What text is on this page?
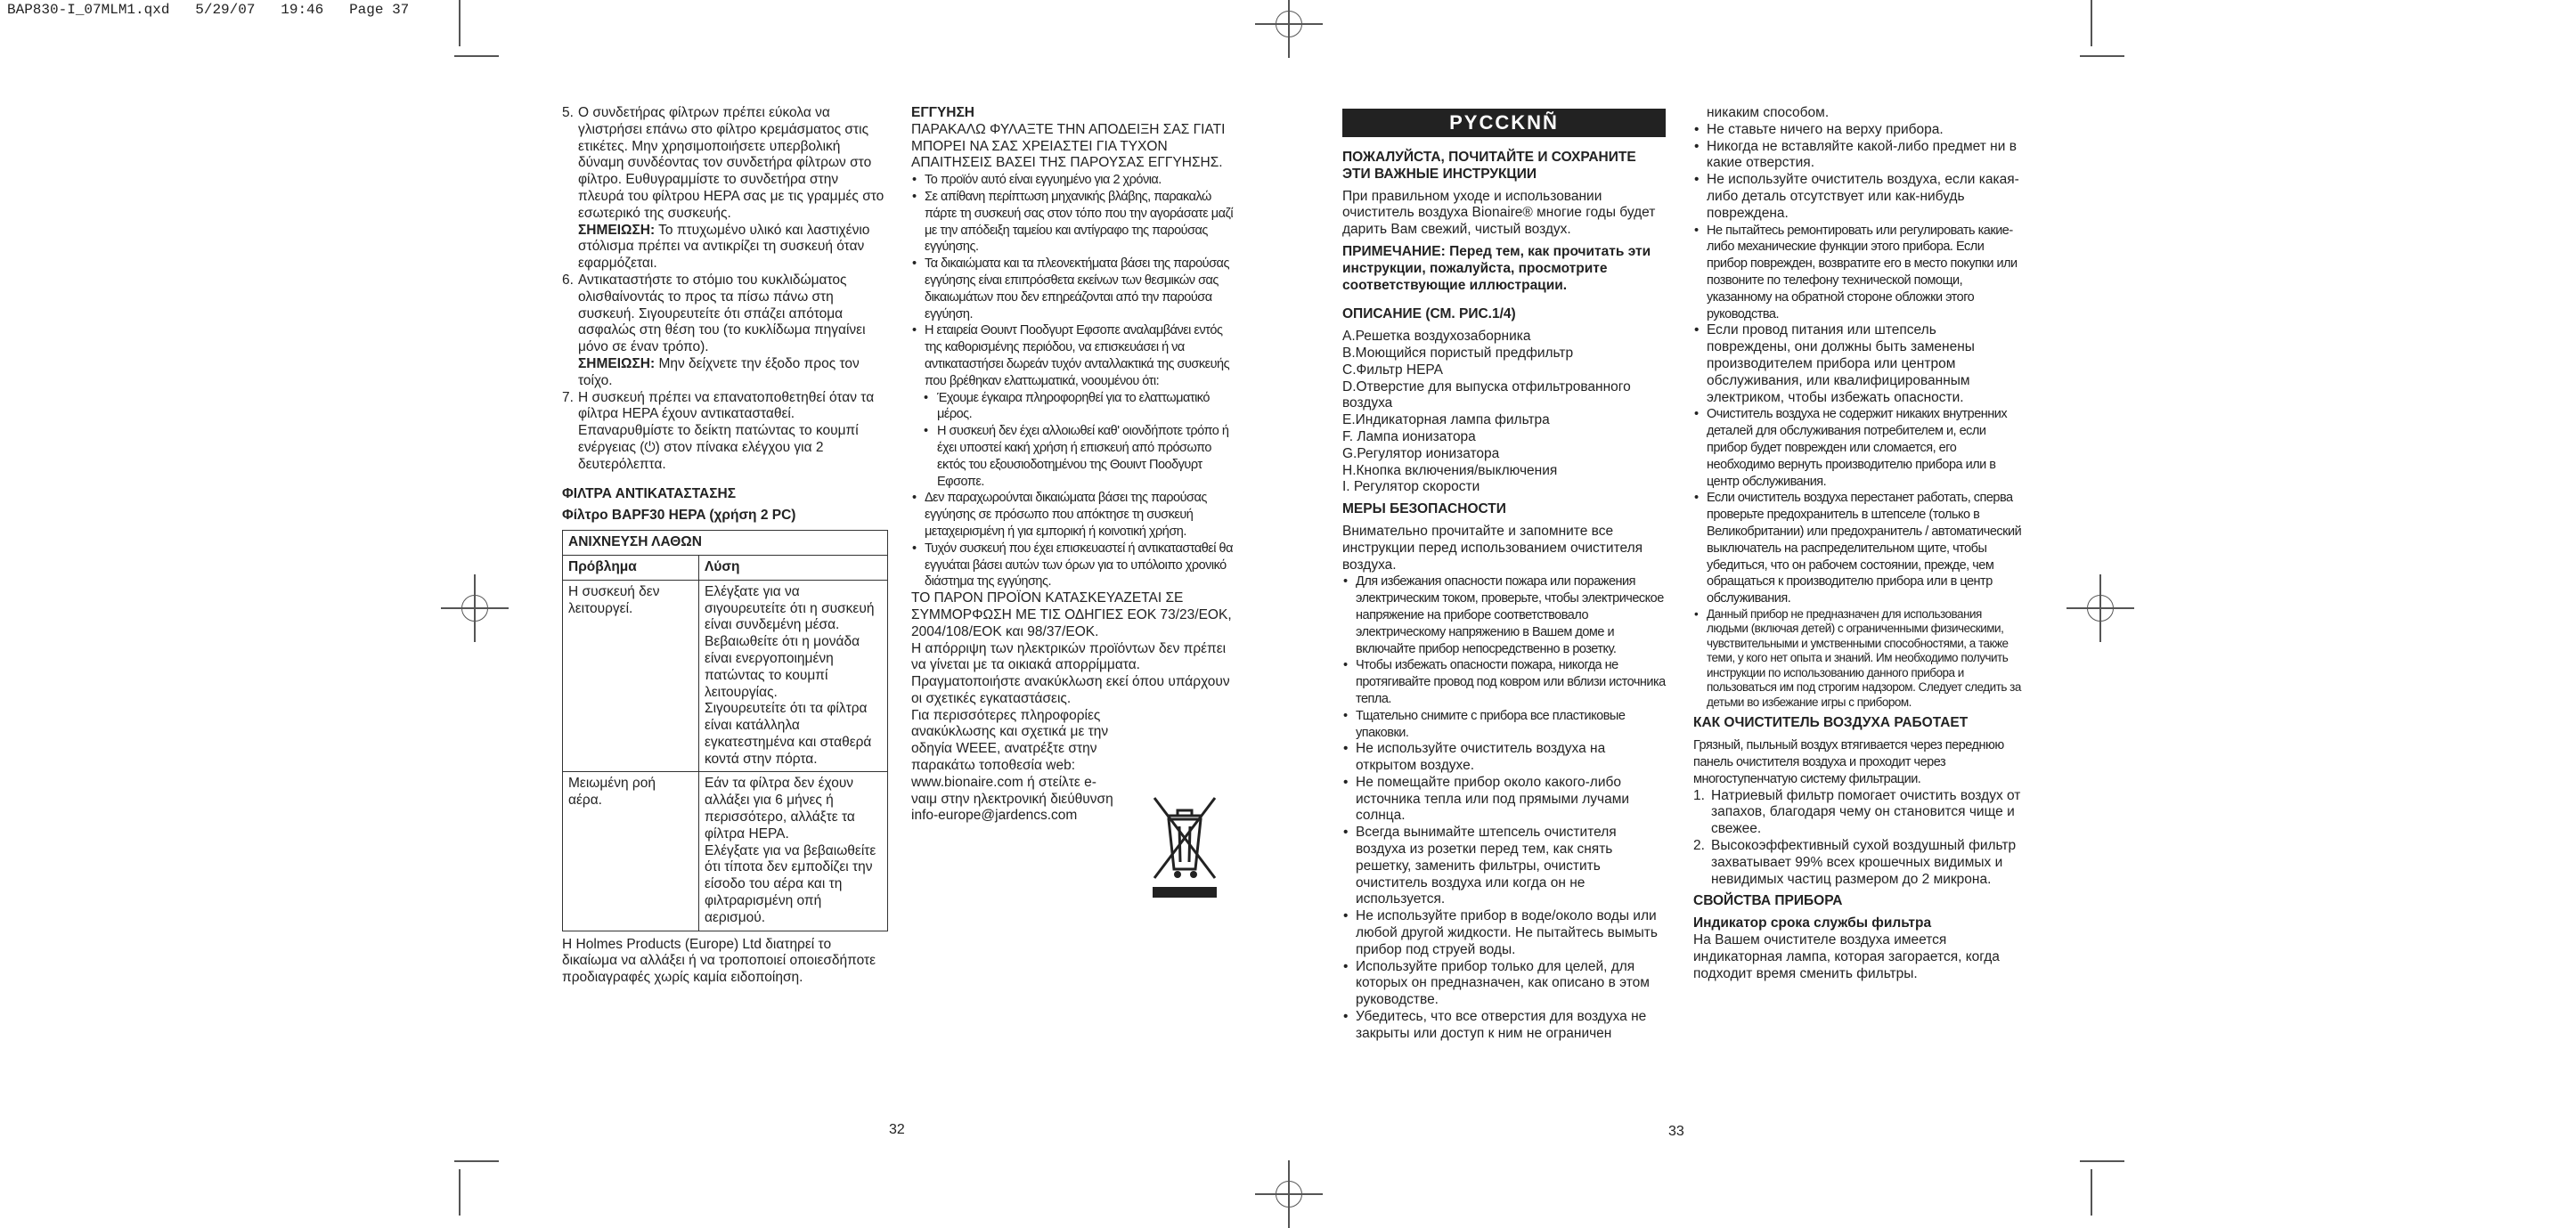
BAP830-I_07MLM1.qxd   5/29/07   19:46   Page 37
5. Ο συνδετήρας φίλτρων πρέπει εύκολα να γλιστρήσει επάνω στο φίλτρο κρεμάσματος στις ετικέτες. Μην χρησιμοποιήσετε υπερβολική δύναμη συνδέοντας τον συνδετήρα φίλτρων στο φίλτρο. Ευθυγραμμίστε το συνδετήρα στην πλευρά του φίλτρου HEPA σας με τις γραμμές στο εσωτερικό της συσκευής.

ΣΗΜΕΙΩΣΗ: Το πτυχωμένο υλικό και λαστιχένιο στόλισμα πρέπει να αντικρίζει τη συσκευή όταν εφαρμόζεται.

6. Αντικαταστήστε το στόμιο του κυκλιδώματος ολισθαίνοντάς το προς τα πίσω πάνω στη συσκευή. Σιγουρευτείτε ότι σπάζει απότομα ασφαλώς στη θέση του (το κυκλίδωμα πηγαίνει μόνο σε έναν τρόπο).

ΣΗΜΕΙΩΣΗ: Μην δείχνετε την έξοδο προς τον τοίχο.

7. Η συσκευή πρέπει να επανατοποθετηθεί όταν τα φίλτρα HEPA έχουν αντικατασταθεί. Επαναρυθμίστε το δείκτη πατώντας το κουμπί ενέργειας (⏻) στον πίνακα ελέγχου για 2 δευτερόλεπτα.

ΦΙΛΤΡΑ ΑΝΤΙΚΑΤΑΣΤΑΣΗΣ

Φίλτρο BAPF30 HEPA (χρήση 2 PC)

ΑΝΙΧΝΕΥΣΗ ΛΑΘΩΝ	
Πρόβλημα	Λύση
Η συσκευή δεν λειτουργεί.	Ελέγξατε για να σιγουρευτείτε ότι η συσκευή είναι συνδεμένη μέσα.

Βεβαιωθείτε ότι η μονάδα είναι ενεργοποιημένη πατώντας το κουμπί λειτουργίας.

Σιγουρευτείτε ότι τα φίλτρα είναι κατάλληλα εγκατεστημένα και σταθερά κοντά στην πόρτα.

Μειωμένη ροή αέρα.	Εάν τα φίλτρα δεν έχουν αλλάξει για 6 μήνες ή περισσότερο, αλλάξτε τα φίλτρα HEPA.

Ελέγξατε για να βεβαιωθείτε ότι τίποτα δεν εμποδίζει την είσοδο του αέρα και τη φιλτραρισμένη οπή αερισμού.

Η Holmes Products (Europe) Ltd διατηρεί το δικαίωμα να αλλάξει ή να τροποποιεί οποιεσδήποτε προδιαγραφές χωρίς καμία ειδοποίηση.

ΕΓΓΥΗΣΗ

ΠΑΡΑΚΑΛΩ ΦΥΛΑΞΤΕ ΤΗΝ ΑΠΟΔΕΙΞΗ ΣΑΣ ΓΙΑΤΙ ΜΠΟΡΕΙ ΝΑ ΣΑΣ ΧΡΕΙΑΣΤΕΙ ΓΙΑ ΤΥΧΟΝ ΑΠΑΙΤΗΣΕΙΣ ΒΑΣΕΙ ΤΗΣ ΠΑΡΟΥΣΑΣ ΕΓΓΥΗΣΗΣ.

• Το προϊόν αυτό είναι εγγυημένο για 2 χρόνια.

• Σε απίθανη περίπτωση μηχανικής βλάβης, παρακαλώ πάρτε τη συσκευή σας στον τόπο που την αγοράσατε μαζί με την απόδειξη ταμείου και αντίγραφο της παρούσας εγγύησης.

• Τα δικαιώματα και τα πλεονεκτήματα βάσει της παρούσας εγγύησης είναι επιπρόσθετα εκείνων των θεσμικών σας δικαιωμάτων που δεν επηρεάζονται από την παρούσα εγγύηση.

• Η εταιρεία Θουιντ Ποοδγυρτ Εφσοπε αναλαμβάνει εντός της καθορισμένης περιόδου, να επισκευάσει ή να αντικαταστήσει δωρεάν τυχόν ανταλλακτικά της συσκευής που βρέθηκαν ελαττωματικά, νοουμένου ότι:

• Έχουμε έγκαιρα πληροφορηθεί για το ελαττωματικό μέρος.

• Η συσκευή δεν έχει αλλοιωθεί καθ' οιονδήποτε τρόπο ή έχει υποστεί κακή χρήση ή επισκευή από πρόσωπο εκτός του εξουσιοδοτημένου της Θουιντ Ποοδγυρτ Εφσοπε.

• Δεν παραχωρούνται δικαιώματα βάσει της παρούσας εγγύησης σε πρόσωπο που απόκτησε τη συσκευή μεταχειρισμένη ή για εμπορική ή κοινοτική χρήση.

• Τυχόν συσκευή που έχει επισκευαστεί ή αντικατασταθεί θα εγγυάται βάσει αυτών των όρων για το υπόλοιπο χρονικό διάστημα της εγγύησης.

ΤΟ ΠΑΡΟΝ ΠΡΟΪΟΝ ΚΑΤΑΣΚΕΥΑΖΕΤΑΙ ΣΕ ΣΥΜΜΟΡΦΩΣΗ ΜΕ ΤΙΣ ΟΔΗΓΙΕΣ ΕΟΚ 73/23/ΕΟΚ, 2004/108/ΕΟΚ και 98/37/ΕΟΚ.

Η απόρριψη των ηλεκτρικών προϊόντων δεν πρέπει να γίνεται με τα οικιακά απορρίμματα. Πραγματοποιήστε ανακύκλωση εκεί όπου υπάρχουν οι σχετικές εγκαταστάσεις.

Για περισσότερες πληροφορίες ανακύκλωσης και σχετικά με την οδηγία WEEE, ανατρέξτε στην παρακάτω τοποθεσία web:

www.bionaire.com ή στείλτε e-

ναιμ στην ηλεκτρονική διεύθυνση

info-europe@jardencs.com

32
PYCCKNÑ

ПОЖАЛУЙСТА, ПОЧИТАЙТЕ И СОХРАНИТЕ ЭТИ ВАЖНЫЕ ИНСТРУКЦИИ

При правильном уходе и использовании очиститель воздуха Bionaire® многие годы будет дарить Вам свежий, чистый воздух.

ПРИМЕЧАНИЕ: Перед тем, как прочитать эти инструкции, пожалуйста, просмотрите соответствующие иллюстрации.

ОПИСАНИЕ (СМ. РИС.1/4)

A.Решетка воздухозаборника

B.Моющийся пористый предфильтр

C.Фильтр HEPA

D.Отверстие для выпуска отфильтрованного воздуха

E.Индикаторная лампа фильтра

F. Лампа ионизатора

G.Регулятор ионизатора

H.Кнопка включения/выключения

I. Регулятор скорости

МЕРЫ БЕЗОПАСНОСТИ

Внимательно прочитайте и запомните все инструкции перед использованием очистителя воздуха.

• Для избежания опасности пожара или поражения электрическим током, проверьте, чтобы электрическое напряжение на приборе соответствовало электрическому напряжению в Вашем доме и включайте прибор непосредственно в розетку.

• Чтобы избежать опасности пожара, никогда не протягивайте провод под ковром или вблизи источника тепла.

• Тщательно снимите с прибора все пластиковые упаковки.

• Не используйте очиститель воздуха на открытом воздухе.

• Не помещайте прибор около какого-либо источника тепла или под прямыми лучами солнца.

• Всегда вынимайте штепсель очистителя воздуха из розетки перед тем, как снять решетку, заменить фильтры, очистить очиститель воздуха или когда он не используется.

• Не используйте прибор в воде/около воды или любой другой жидкости. Не пытайтесь вымыть прибор под струей воды.

• Используйте прибор только для целей, для которых он предназначен, как описано в этом руководстве.

• Убедитесь, что все отверстия для воздуха не закрыты или доступ к ним не ограничен

никаким способом.

• Не ставьте ничего на верху прибора.

• Никогда не вставляйте какой-либо предмет ни в какие отверстия.

• Не используйте очиститель воздуха, если какая-либо деталь отсутствует или как-нибудь повреждена.

• Не пытайтесь ремонтировать или регулировать какие-либо механические функции этого прибора. Если прибор поврежден, возвратите его в место покупки или позвоните по телефону технической помощи, указанному на обратной стороне обложки этого руководства.

• Если провод питания или штепсель повреждены, они должны быть заменены производителем прибора или центром обслуживания, или квалифицированным электриком, чтобы избежать опасности.

• Очиститель воздуха не содержит никаких внутренних деталей для обслуживания потребителем и, если прибор будет поврежден или сломается, его необходимо вернуть производителю прибора или в центр обслуживания.

• Если очиститель воздуха перестанет работать, сперва проверьте предохранитель в штепселе (только в Великобритании) или предохранитель / автоматический выключатель на распределительном щите, чтобы убедиться, что он рабочем состоянии, прежде, чем обращаться к производителю прибора или в центр обслуживания.

• Данный прибор не предназначен для использования людьми (включая детей) с ограниченными физическими, чувствительными и умственными способностями, а также теми, у кого нет опыта и знаний. Им необходимо получить инструкции по использованию данного прибора и пользоваться им под строгим надзором. Следует следить за детьми во избежание игры с прибором.

КАК ОЧИСТИТЕЛЬ ВОЗДУХА РАБОТАЕТ

Грязный, пыльный воздух втягивается через переднюю панель очистителя воздуха и проходит через многоступенчатую систему фильтрации.

1. Натриевый фильтр помогает очистить воздух от запахов, благодаря чему он становится чище и свежее.

2. Высокоэффективный сухой воздушный фильтр захватывает 99% всех крошечных видимых и невидимых частиц размером до 2 микрона.

СВОЙСТВА ПРИБОРА

Индикатор срока службы фильтра

На Вашем очистителе воздуха имеется индикаторная лампа, которая загорается, когда подходит время сменить фильтры.

33
